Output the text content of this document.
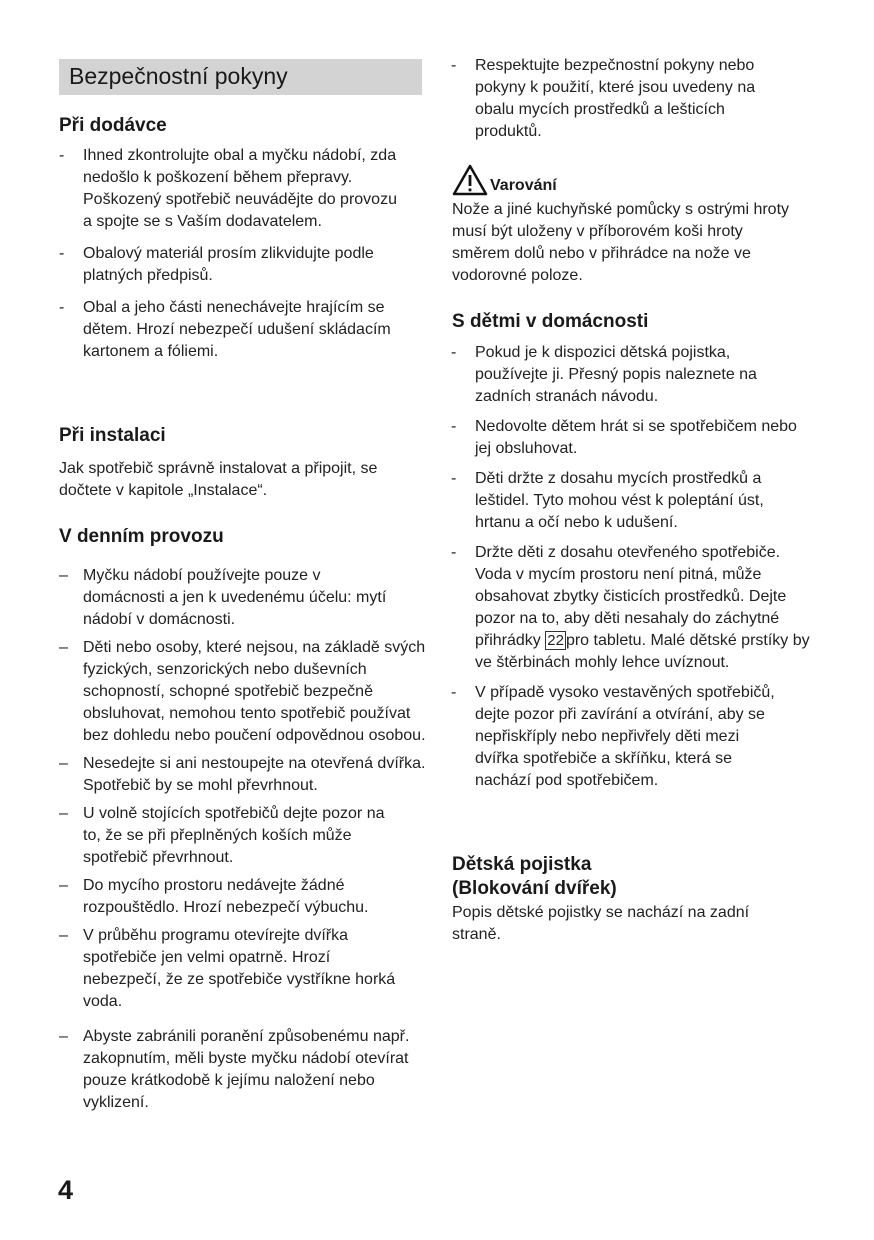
Bezpečnostní pokyny
Při dodávce
- Ihned zkontrolujte obal a myčku nádobí, zda nedošlo k poškození během přepravy. Poškozený spotřebič neuvádějte do provozu a spojte se s Vaším dodavatelem.
- Obalový materiál prosím zlikvidujte podle platných předpisů.
- Obal a jeho části nenechávejte hrajícím se dětem. Hrozí nebezpečí udušení skládacím kartonem a fóliemi.
Při instalaci

Jak spotřebič správně instalovat a připojit, se dočtete v kapitole „Instalace“.

V denním provozu
– Myčku nádobí používejte pouze v domácnosti a jen k uvedenému účelu: mytí nádobí v domácnosti.
– Děti nebo osoby, které nejsou, na základě svých fyzických, senzorických nebo duševních schopností, schopné spotřebič bezpečně obsluhovat, nemohou tento spotřebič používat bez dohledu nebo poučení odpovědnou osobou.
– Nesedejte si ani nestoupejte na otevřená dvířka. Spotřebič by se mohl převrhnout.
– U volně stojících spotřebičů dejte pozor na to, že se při přeplněných koších může spotřebič převrhnout.
– Do mycího prostoru nedávejte žádné rozpouštědlo. Hrozí nebezpečí výbuchu.
– V průběhu programu otevírejte dvířka spotřebiče jen velmi opatrně. Hrozí nebezpečí, že ze spotřebiče vystříkne horká voda.
– Abyste zabránili poranění způsobenému např. zakopnutím, měli byste myčku nádobí otevírat pouze krátkodobě k jejímu naložení nebo vyklizení.
- Respektujte bezpečnostní pokyny nebo pokyny k použití, které jsou uvedeny na obalu mycích prostředků a lešticích produktů.
Varování

Nože a jiné kuchyňské pomůcky s ostrými hroty musí být uloženy v příborovém koši hroty směrem dolů nebo v přihrádce na nože ve vodorovné poloze.

S dětmi v domácnosti
- Pokud je k dispozici dětská pojistka, používejte ji. Přesný popis naleznete na zadních stranách návodu.
- Nedovolte dětem hrát si se spotřebičem nebo jej obsluhovat.
- Děti držte z dosahu mycích prostředků a leštidel. Tyto mohou vést k poleptání úst, hrtanu a očí nebo k udušení.
- Držte děti z dosahu otevřeného spotřebiče. Voda v mycím prostoru není pitná, může obsahovat zbytky čisticích prostředků. Dejte pozor na to, aby děti nesahaly do záchytné přihrádky 22 pro tabletu. Malé dětské prstíky by ve štěrbinách mohly lehce uvíznout.
- V případě vysoko vestavěných spotřebičů, dejte pozor při zavírání a otvírání, aby se nepřiskříply nebo nepřivřely děti mezi dvířka spotřebiče a skříňku, která se nachází pod spotřebičem.
Dětská pojistka
(Blokování dvířek)

Popis dětské pojistky se nachází na zadní straně.

4
